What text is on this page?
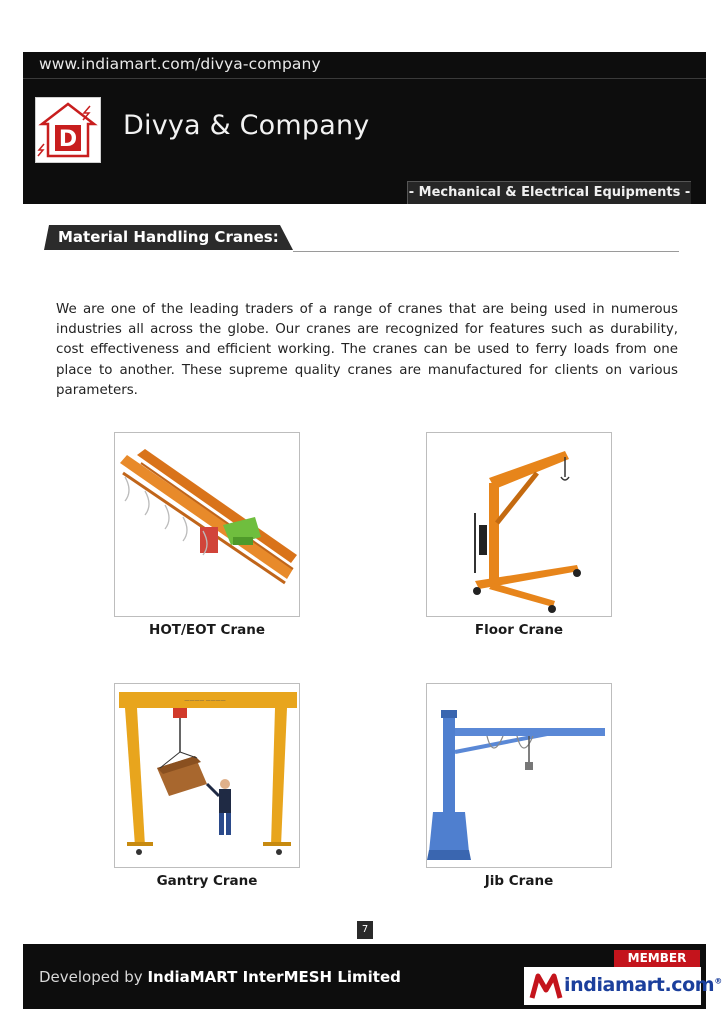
www.indiamart.com/divya-company
D Divya & Company
- Mechanical & Electrical Equipments -
Material Handling Cranes:

We are one of the leading traders of a range of cranes that are being used in numerous industries all across the globe. Our cranes are recognized for features such as durability, cost effectiveness and efficient working. The cranes can be used to ferry loads from one place to another. These supreme quality cranes are manufactured for clients on various parameters.

HOT/EOT Crane	Floor Crane
———— ————
Gantry Crane	Jib Crane
7
Developed by IndiaMART InterMESH Limited
MEMBER
indiamart.com®
